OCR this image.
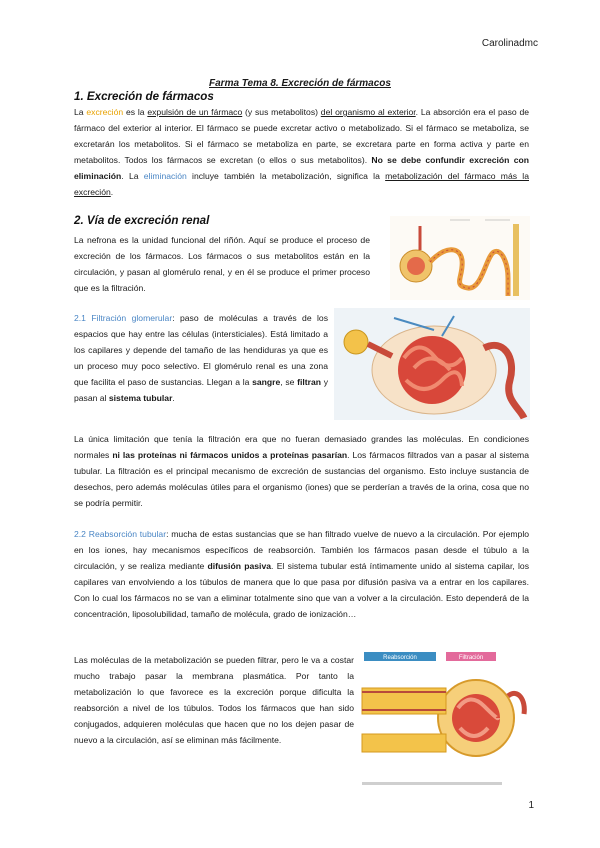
Carolinadmc
Farma Tema 8. Excreción de fármacos
1. Excreción de fármacos

La excreción es la expulsión de un fármaco (y sus metabolitos) del organismo al exterior. La absorción era el paso de fármaco del exterior al interior. El fármaco se puede excretar activo o metabolizado. Si el fármaco se metaboliza, se excretarán los metabolitos. Si el fármaco se metaboliza en parte, se excretara parte en forma activa y parte en metabolitos. Todos los fármacos se excretan (o ellos o sus metabolitos). No se debe confundir excreción con eliminación. La eliminación incluye también la metabolización, significa la metabolización del fármaco más la excreción.

2. Vía de excreción renal

La nefrona es la unidad funcional del riñón. Aquí se produce el proceso de excreción de los fármacos. Los fármacos o sus metabolitos están en la circulación, y pasan al glomérulo renal, y en él se produce el primer proceso que es la filtración.

2.1 Filtración glomerular: paso de moléculas a través de los espacios que hay entre las células (intersticiales). Está limitado a los capilares y depende del tamaño de las hendiduras ya que es un proceso muy poco selectivo. El glomérulo renal es una zona que facilita el paso de sustancias. Llegan a la sangre, se filtran y pasan al sistema tubular.

La única limitación que tenía la filtración era que no fueran demasiado grandes las moléculas. En condiciones normales ni las proteínas ni fármacos unidos a proteínas pasarían. Los fármacos filtrados van a pasar al sistema tubular. La filtración es el principal mecanismo de excreción de sustancias del organismo. Esto incluye sustancia de desechos, pero además moléculas útiles para el organismo (iones) que se perderían a través de la orina, cosa que no se podría permitir.

2.2 Reabsorción tubular: mucha de estas sustancias que se han filtrado vuelve de nuevo a la circulación. Por ejemplo en los iones, hay mecanismos específicos de reabsorción. También los fármacos pasan desde el túbulo a la circulación, y se realiza mediante difusión pasiva. El sistema tubular está íntimamente unido al sistema capilar, los capilares van envolviendo a los túbulos de manera que lo que pasa por difusión pasiva va a entrar en los capilares. Con lo cual los fármacos no se van a eliminar totalmente sino que van a volver a la circulación. Esto dependerá de la concentración, liposolubilidad, tamaño de molécula, grado de ionización…

Las moléculas de la metabolización se pueden filtrar, pero le va a costar mucho trabajo pasar la membrana plasmática. Por tanto la metabolización lo que favorece es la excreción porque dificulta la reabsorción a nivel de los túbulos. Todos los fármacos que han sido conjugados, adquieren moléculas que hacen que no los dejen pasar de nuevo a la circulación, así se eliminan más fácilmente.

Reabsorción	Filtración
1
